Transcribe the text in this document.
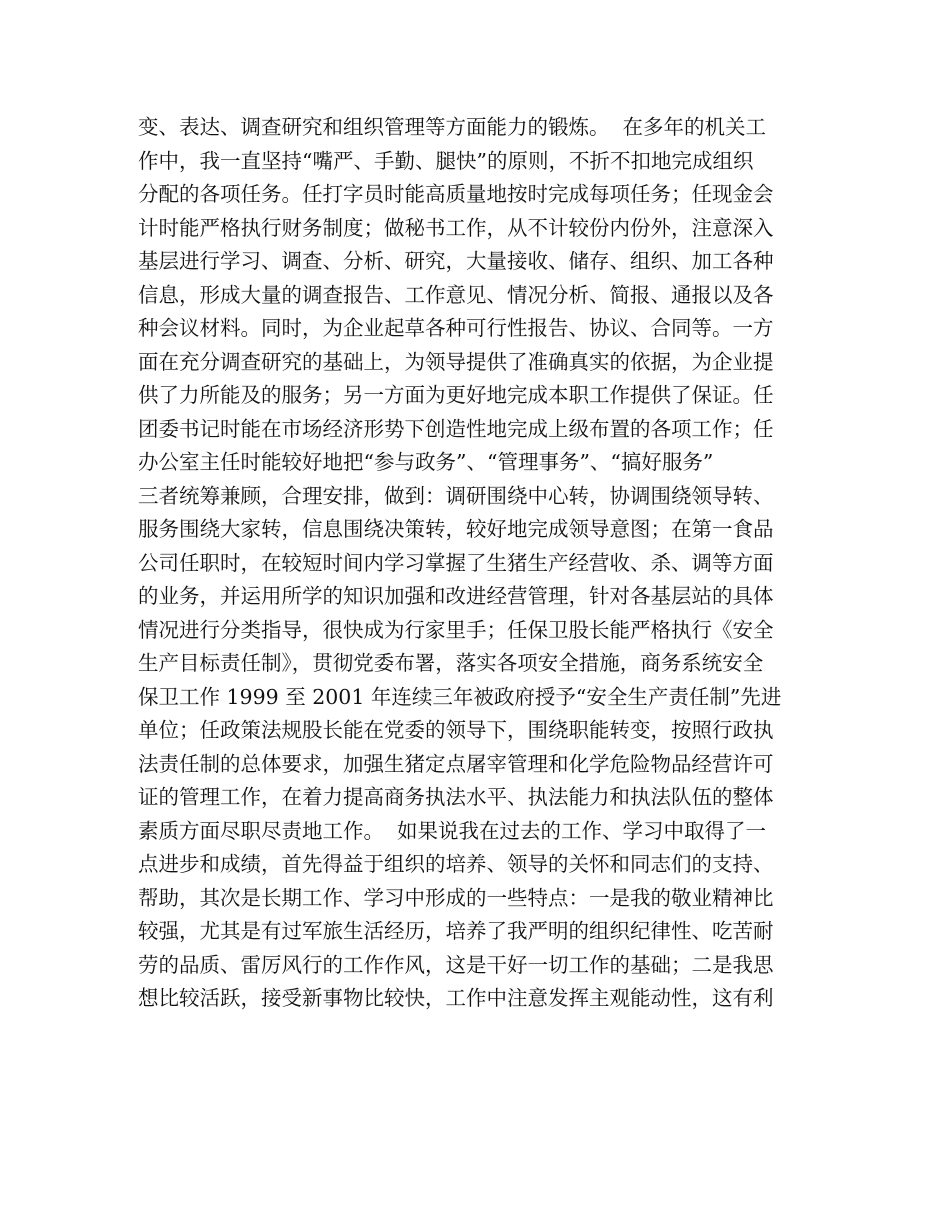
变、表达、调查研究和组织管理等方面能力的锻炼。  在多年的机关工
作中，我一直坚持“嘴严、手勤、腿快”的原则，不折不扣地完成组织
分配的各项任务。任打字员时能高质量地按时完成每项任务；任现金会
计时能严格执行财务制度；做秘书工作，从不计较份内份外，注意深入
基层进行学习、调查、分析、研究，大量接收、储存、组织、加工各种
信息，形成大量的调查报告、工作意见、情况分析、简报、通报以及各
种会议材料。同时，为企业起草各种可行性报告、协议、合同等。一方
面在充分调查研究的基础上，为领导提供了准确真实的依据，为企业提
供了力所能及的服务；另一方面为更好地完成本职工作提供了保证。任
团委书记时能在市场经济形势下创造性地完成上级布置的各项工作；任
办公室主任时能较好地把“参与政务”、“管理事务”、“搞好服务”
三者统筹兼顾，合理安排，做到：调研围绕中心转，协调围绕领导转、
服务围绕大家转，信息围绕决策转，较好地完成领导意图；在第一食品
公司任职时，在较短时间内学习掌握了生猪生产经营收、杀、调等方面
的业务，并运用所学的知识加强和改进经营管理，针对各基层站的具体
情况进行分类指导，很快成为行家里手；任保卫股长能严格执行《安全
生产目标责任制》，贯彻党委布署，落实各项安全措施，商务系统安全
保卫工作 1999 至 2001 年连续三年被政府授予“安全生产责任制”先进
单位；任政策法规股长能在党委的领导下，围绕职能转变，按照行政执
法责任制的总体要求，加强生猪定点屠宰管理和化学危险物品经营许可
证的管理工作，在着力提高商务执法水平、执法能力和执法队伍的整体
素质方面尽职尽责地工作。  如果说我在过去的工作、学习中取得了一
点进步和成绩，首先得益于组织的培养、领导的关怀和同志们的支持、
帮助，其次是长期工作、学习中形成的一些特点：一是我的敬业精神比
较强，尤其是有过军旅生活经历，培养了我严明的组织纪律性、吃苦耐
劳的品质、雷厉风行的工作作风，这是干好一切工作的基础；二是我思
想比较活跃，接受新事物比较快，工作中注意发挥主观能动性，这有利
